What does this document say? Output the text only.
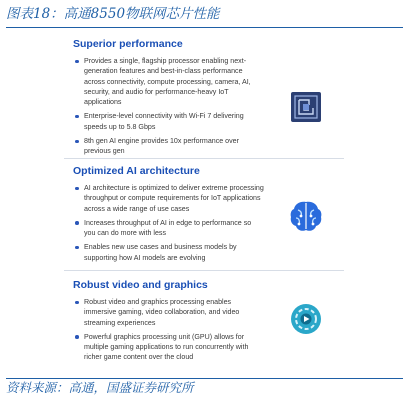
图表18：高通8550物联网芯片性能
Superior performance
Provides a single, flagship processor enabling next-generation features and best-in-class performance across connectivity, compute processing, camera, AI, security, and audio for performance-heavy IoT applications
Enterprise-level connectivity with Wi-Fi 7 delivering speeds up to 5.8 Gbps
8th gen AI engine provides 10x performance over previous gen
Optimized AI architecture
AI architecture is optimized to deliver extreme processing throughput or compute requirements for IoT applications across a wide range of use cases
Increases throughput of AI in edge to performance so you can do more with less
Enables new use cases and business models by supporting how AI models are evolving
Robust video and graphics
Robust video and graphics processing enables immersive gaming, video collaboration, and video streaming experiences
Powerful graphics processing unit (GPU) allows for multiple gaming applications to run concurrently with richer game content over the cloud
资料来源：高通，国盛证券研究所
